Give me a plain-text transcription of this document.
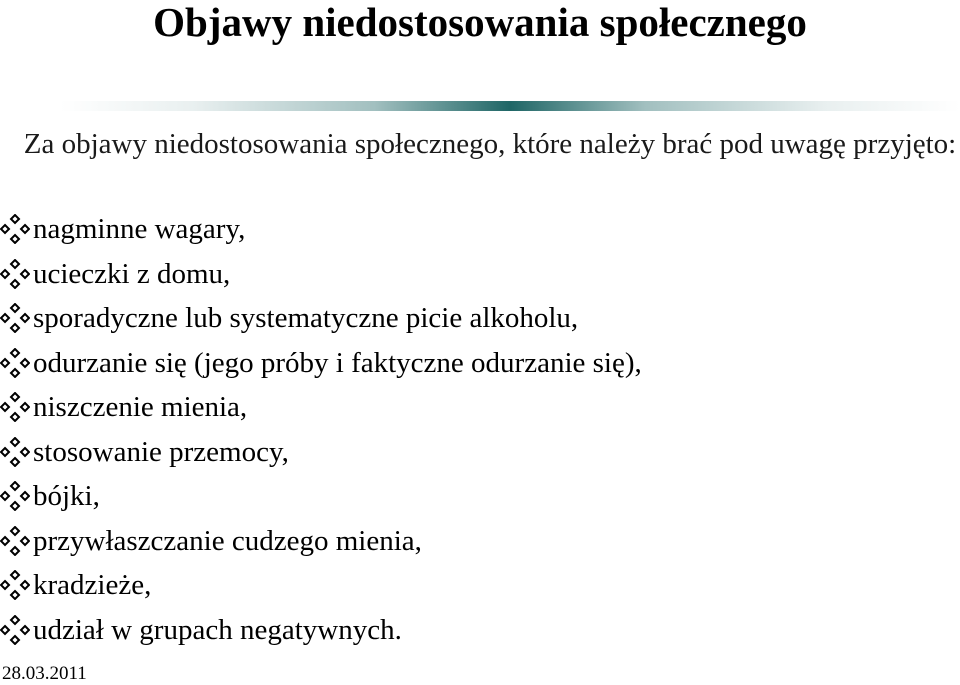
Objawy niedostosowania społecznego

Za objawy niedostosowania społecznego, które należy brać pod uwagę przyjęto:

nagminne wagary,
ucieczki z domu,
sporadyczne lub systematyczne picie alkoholu,
odurzanie się (jego próby i faktyczne odurzanie się),
niszczenie mienia,
stosowanie przemocy,
bójki,
przywłaszczanie cudzego mienia,
kradzieże,
udział w grupach negatywnych.
28.03.2011
